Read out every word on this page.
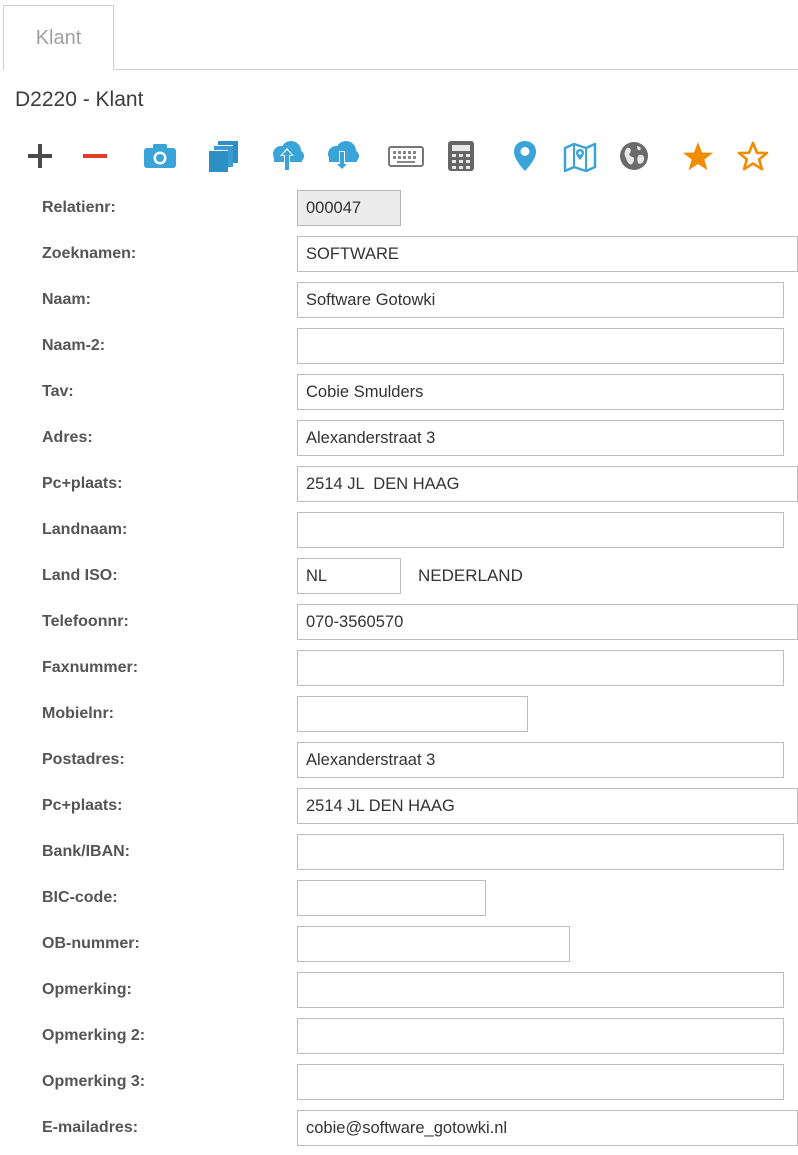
Klant
D2220 - Klant
Relatienr:
000047
Zoeknamen:
SOFTWARE
Naam:
Software Gotowki
Naam-2:
Tav:
Cobie Smulders
Adres:
Alexanderstraat 3
Pc+plaats:
2514 JL DEN HAAG
Landnaam:
Land ISO:
NL	NEDERLAND
Telefoonnr:
070-3560570
Faxnummer:
Mobielnr:
Postadres:
Alexanderstraat 3
Pc+plaats:
2514 JL DEN HAAG
Bank/IBAN:
BIC-code:
OB-nummer:
Opmerking:
Opmerking 2:
Opmerking 3:
E-mailadres:
cobie@software_gotowki.nl
